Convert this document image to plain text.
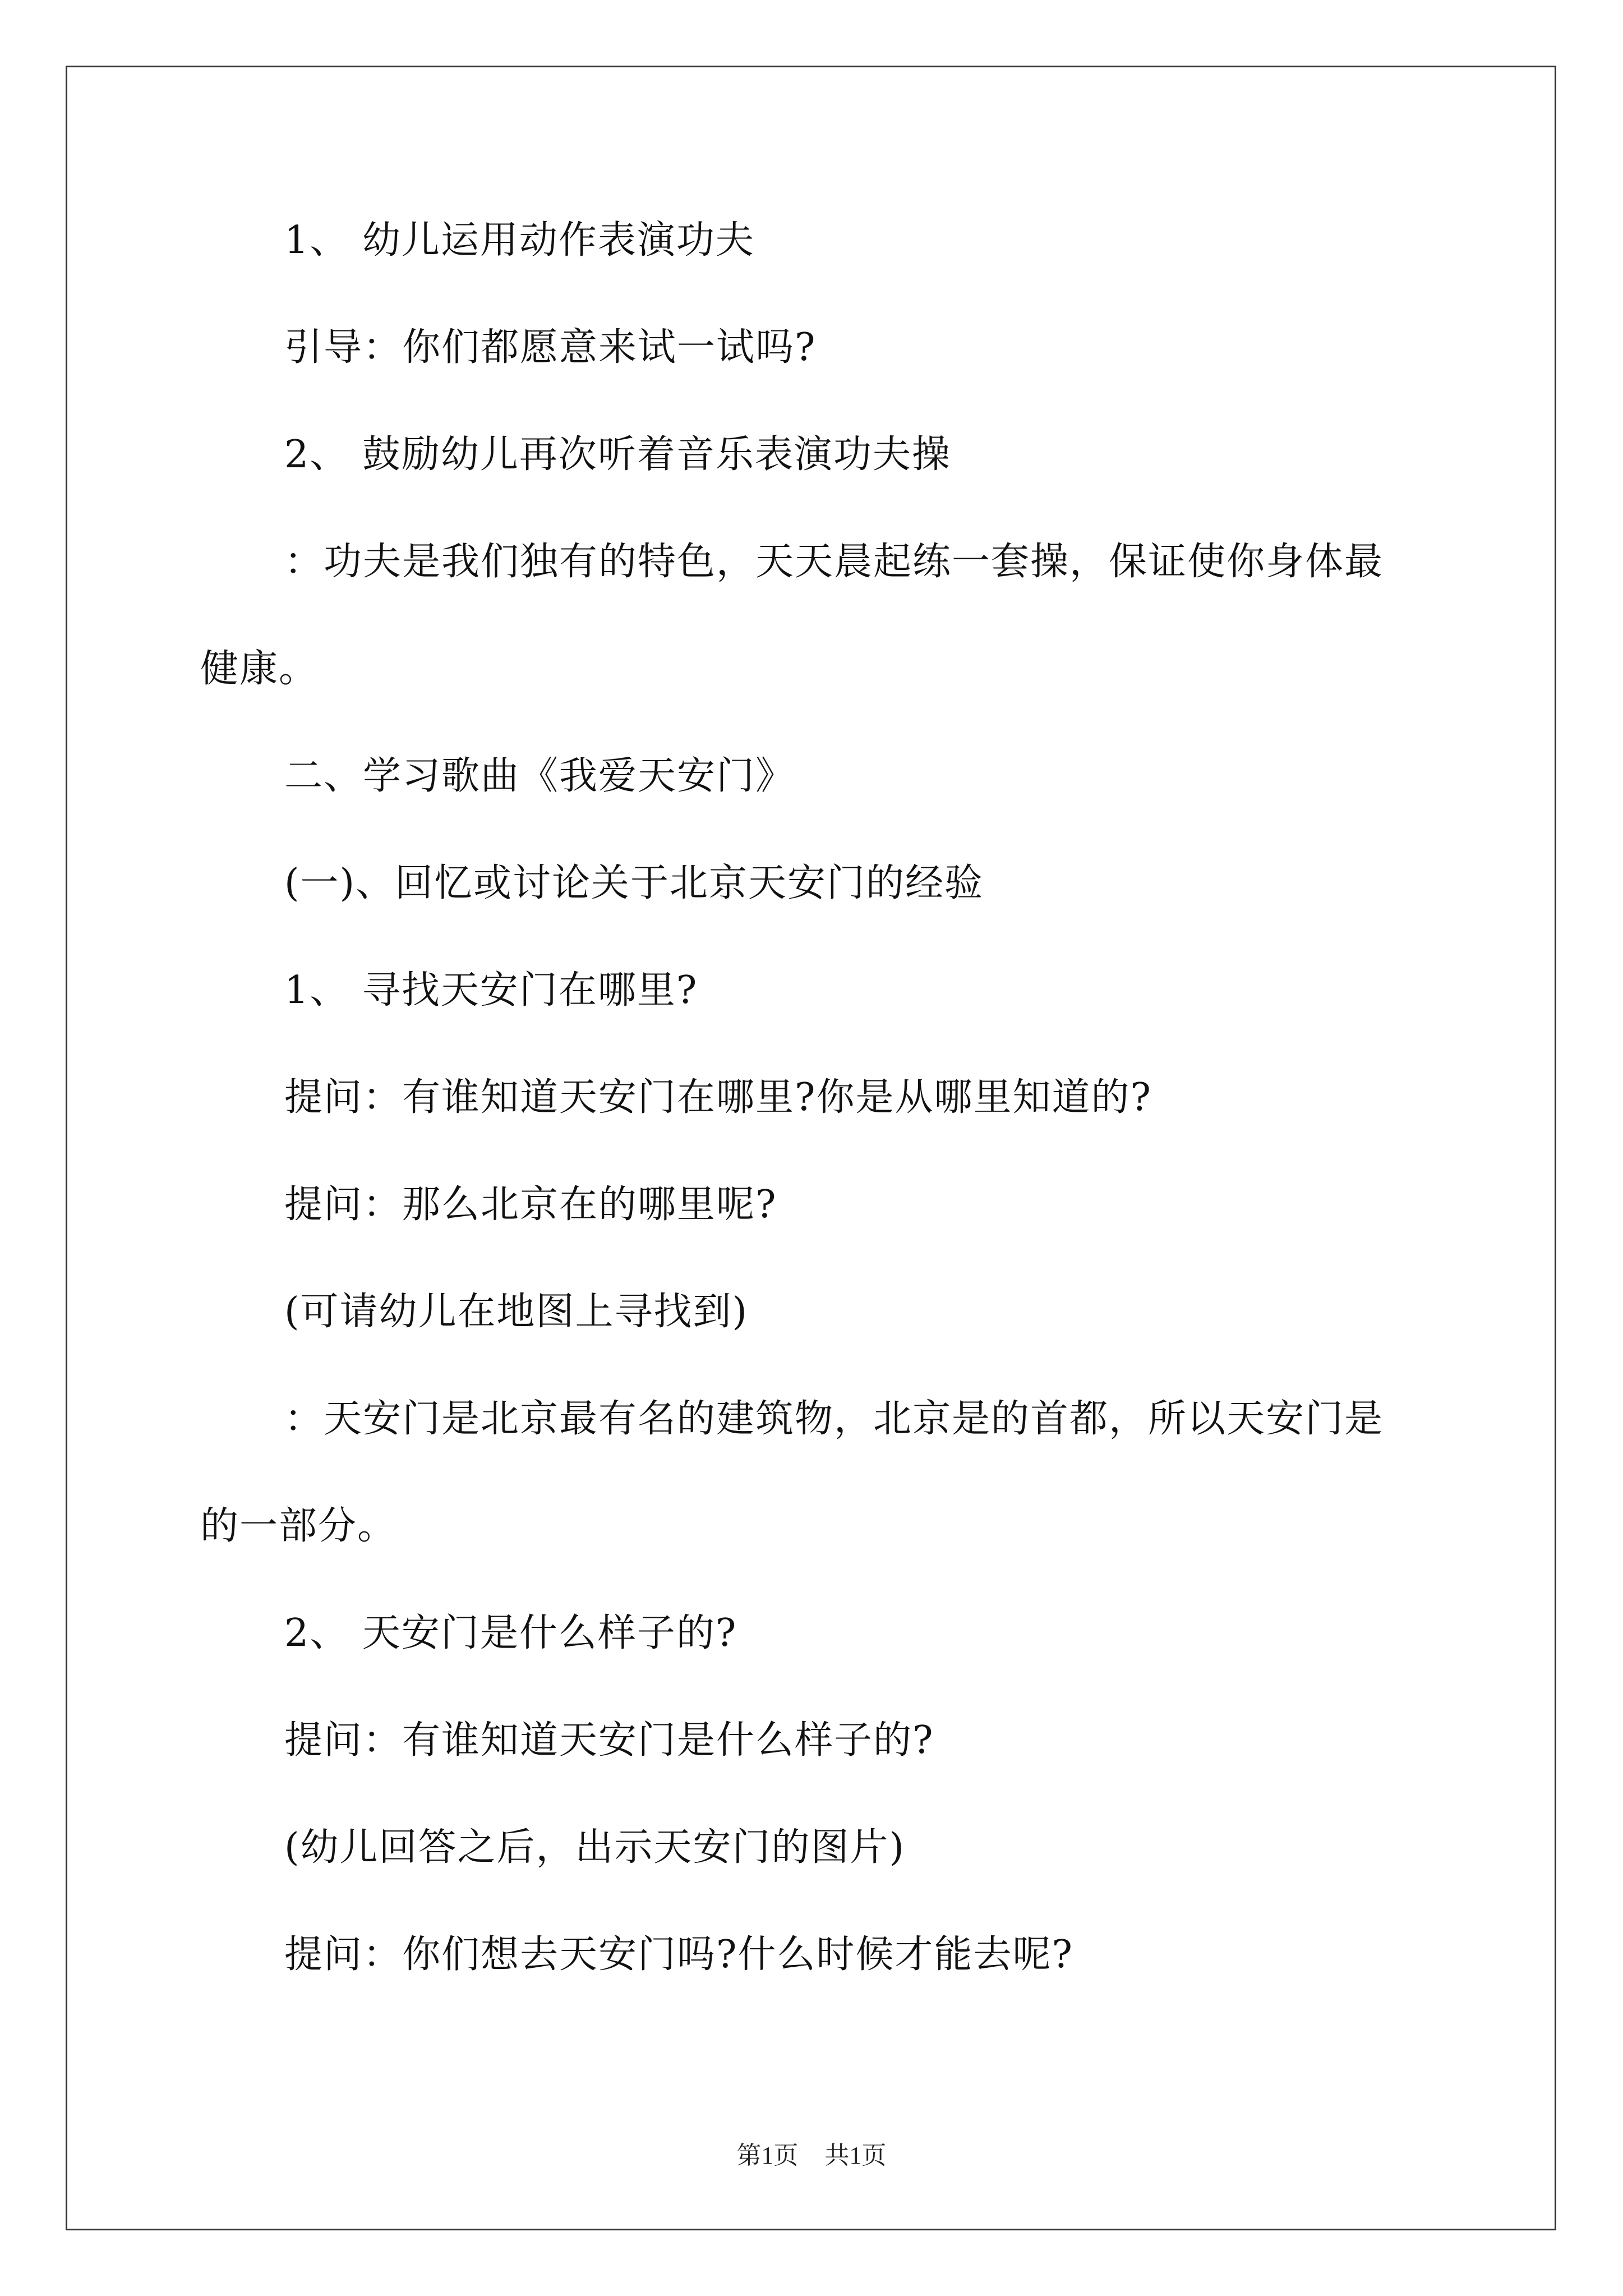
1、 幼儿运用动作表演功夫
引导：你们都愿意来试一试吗?
2、 鼓励幼儿再次听着音乐表演功夫操
：功夫是我们独有的特色，天天晨起练一套操，保证使你身体最
健康。
二、学习歌曲《我爱天安门》
(一)、回忆或讨论关于北京天安门的经验
1、 寻找天安门在哪里?
提问：有谁知道天安门在哪里?你是从哪里知道的?
提问：那么北京在的哪里呢?
(可请幼儿在地图上寻找到)
：天安门是北京最有名的建筑物，北京是的首都，所以天安门是
的一部分。
2、 天安门是什么样子的?
提问：有谁知道天安门是什么样子的?
(幼儿回答之后，出示天安门的图片)
提问：你们想去天安门吗?什么时候才能去呢?
第1页 共1页
